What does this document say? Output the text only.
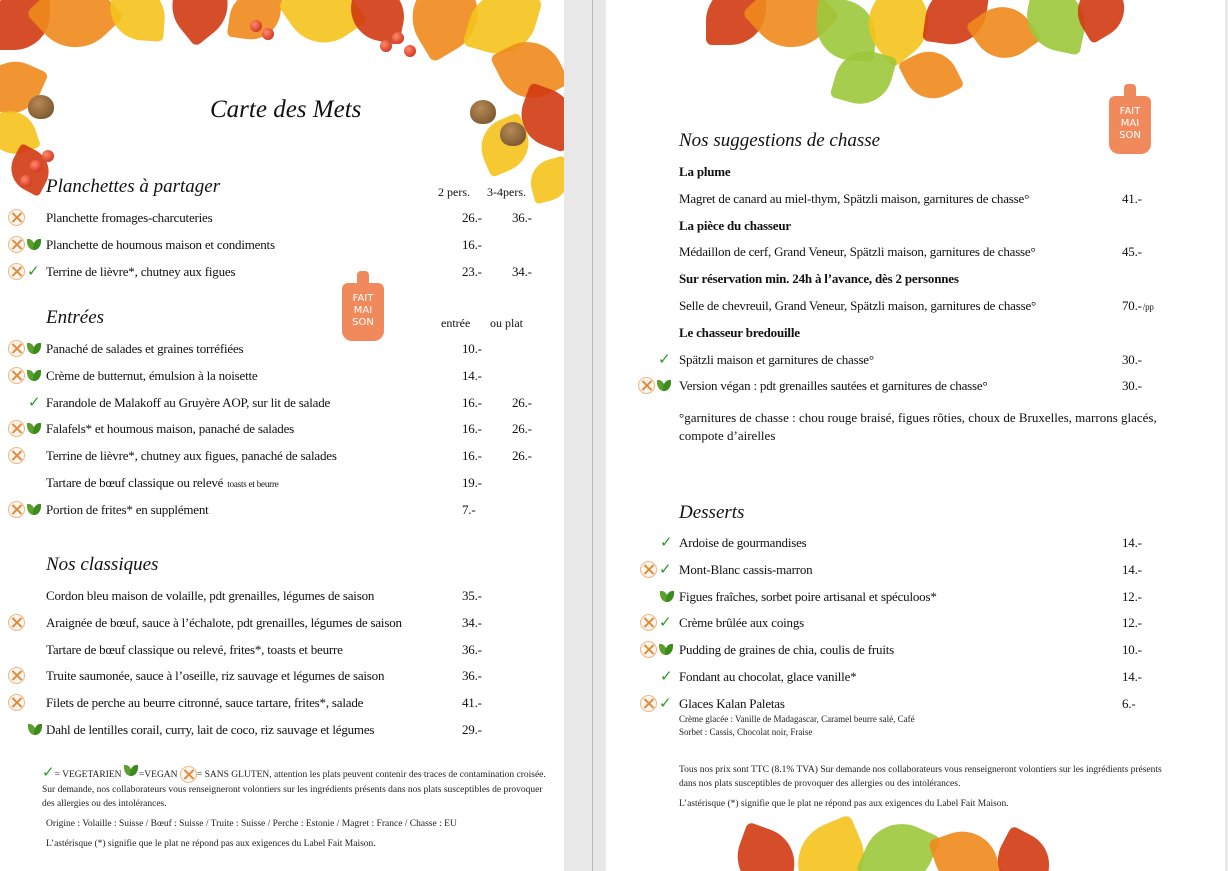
Carte des Mets
FAIT
MAI
SON
Planchettes à partager	2 pers. 3-4pers.
Planchette fromages-charcuteries	26.- 36.-
Planchette de houmous maison et condiments	16.-
✓ Terrine de lièvre*, chutney aux figues	23.- 34.-
Entrées	entrée ou plat
Panaché de salades et graines torréfiées	10.-
Crème de butternut, émulsion à la noisette	14.-
✓ Farandole de Malakoff au Gruyère AOP, sur lit de salade	16.- 26.-
Falafels* et houmous maison, panaché de salades	16.- 26.-
Terrine de lièvre*, chutney aux figues, panaché de salades	16.- 26.-
Tartare de bœuf classique ou relevé toasts et beurre	19.-
Portion de frites* en supplément	7.-
Nos classiques
Cordon bleu maison de volaille, pdt grenailles, légumes de saison	35.-
Araignée de bœuf, sauce à l’échalote, pdt grenailles, légumes de saison	34.-
Tartare de bœuf classique ou relevé, frites*, toasts et beurre	36.-
Truite saumonée, sauce à l’oseille, riz sauvage et légumes de saison	36.-
Filets de perche au beurre citronné, sauce tartare, frites*, salade	41.-
Dahl de lentilles corail, curry, lait de coco, riz sauvage et légumes	29.-
✓= VEGETARIEN =VEGAN = SANS GLUTEN, attention les plats peuvent contenir des traces de contamination croisée. Sur demande, nos collaborateurs vous renseigneront volontiers sur les ingrédients présents dans nos plats susceptibles de provoquer des allergies ou des intolérances.
Origine : Volaille : Suisse / Bœuf : Suisse / Truite : Suisse / Perche : Estonie / Magret : France / Chasse : EU
L’astérisque (*) signifie que le plat ne répond pas aux exigences du Label Fait Maison.
FAIT
MAI
SON
Nos suggestions de chasse
La plume
Magret de canard au miel-thym, Spätzli maison, garnitures de chasse°	41.-
La pièce du chasseur
Médaillon de cerf, Grand Veneur, Spätzli maison, garnitures de chasse°	45.-
Sur réservation min. 24h à l’avance, dès 2 personnes
Selle de chevreuil, Grand Veneur, Spätzli maison, garnitures de chasse°	70.-/pp
Le chasseur bredouille
✓ Spätzli maison et garnitures de chasse°	30.-
Version végan : pdt grenailles sautées et garnitures de chasse°	30.-
°garnitures de chasse : chou rouge braisé, figues rôties, choux de Bruxelles, marrons glacés, compote d’airelles
Desserts
✓ Ardoise de gourmandises	14.-
✓ Mont-Blanc cassis-marron	14.-
Figues fraîches, sorbet poire artisanal et spéculoos*	12.-
✓ Crème brûlée aux coings	12.-
Pudding de graines de chia, coulis de fruits	10.-
✓ Fondant au chocolat, glace vanille*	14.-
✓ Glaces Kalan Paletas	6.-
Crème glacée : Vanille de Madagascar, Caramel beurre salé, Café
Sorbet : Cassis, Chocolat noir, Fraise
Tous nos prix sont TTC (8.1% TVA) Sur demande nos collaborateurs vous renseigneront volontiers sur les ingrédients présents dans nos plats susceptibles de provoquer des allergies ou des intolérances.
L’astérisque (*) signifie que le plat ne répond pas aux exigences du Label Fait Maison.
